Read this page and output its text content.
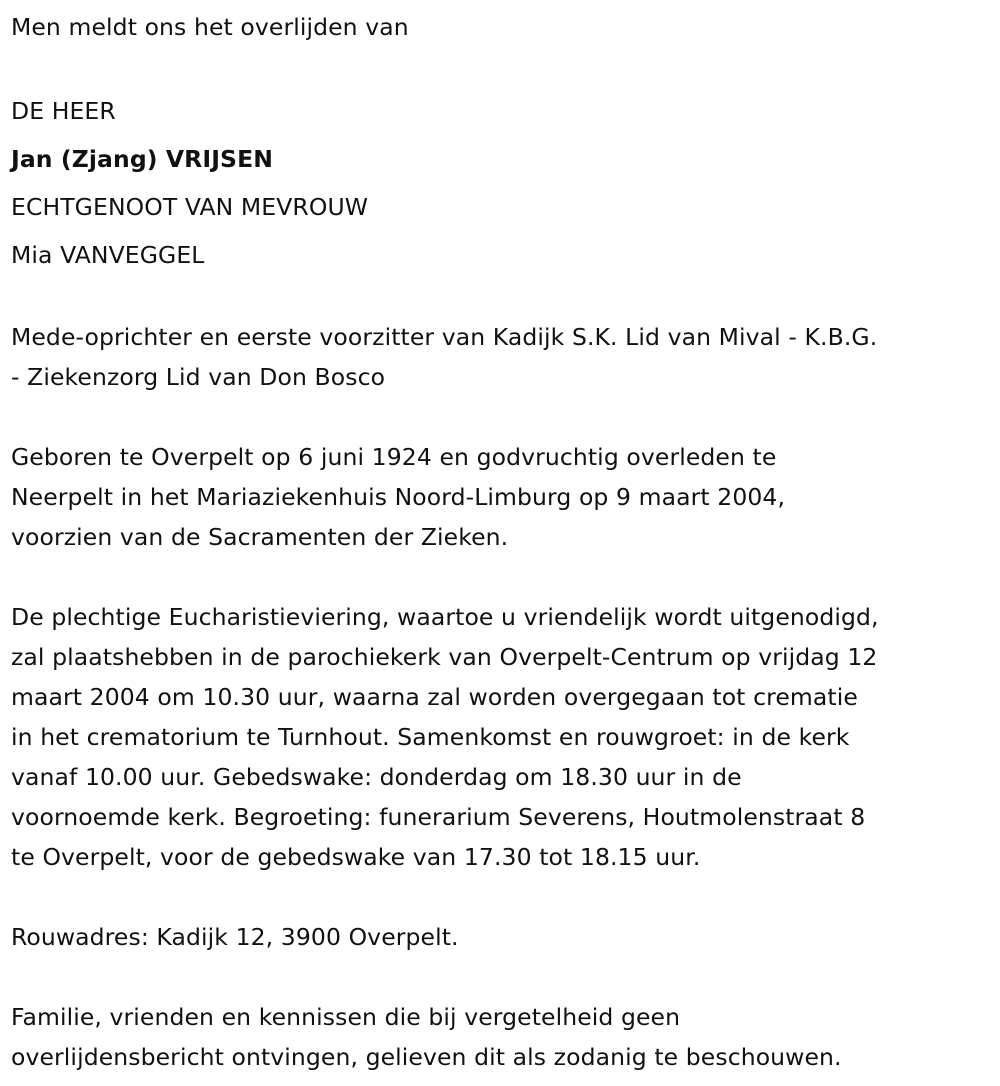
Men meldt ons het overlijden van
DE HEER
Jan (Zjang) VRIJSEN
ECHTGENOOT VAN MEVROUW
Mia VANVEGGEL
Mede-oprichter en eerste voorzitter van Kadijk S.K. Lid van Mival - K.B.G.
- Ziekenzorg Lid van Don Bosco
Geboren te Overpelt op 6 juni 1924 en godvruchtig overleden te
Neerpelt in het Mariaziekenhuis Noord-Limburg op 9 maart 2004,
voorzien van de Sacramenten der Zieken.
De plechtige Eucharistieviering, waartoe u vriendelijk wordt uitgenodigd,
zal plaatshebben in de parochiekerk van Overpelt-Centrum op vrijdag 12
maart 2004 om 10.30 uur, waarna zal worden overgegaan tot crematie
in het crematorium te Turnhout. Samenkomst en rouwgroet: in de kerk
vanaf 10.00 uur. Gebedswake: donderdag om 18.30 uur in de
voornoemde kerk. Begroeting: funerarium Severens, Houtmolenstraat 8
te Overpelt, voor de gebedswake van 17.30 tot 18.15 uur.
Rouwadres: Kadijk 12, 3900 Overpelt.
Familie, vrienden en kennissen die bij vergetelheid geen
overlijdensbericht ontvingen, gelieven dit als zodanig te beschouwen.
